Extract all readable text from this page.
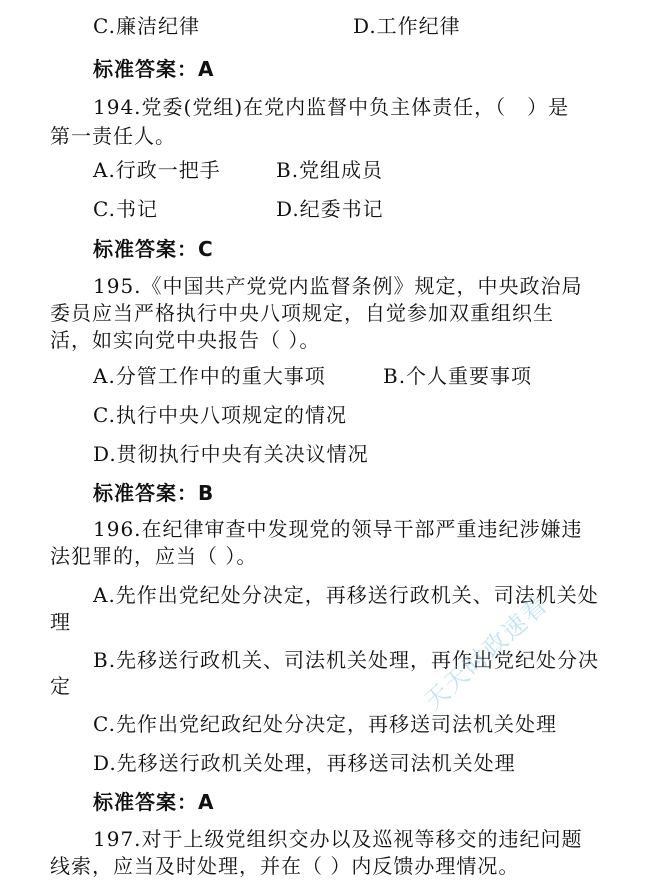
C.廉洁纪律	D.工作纪律
标准答案：A
194.党委(党组)在党内监督中负主体责任，（　）是
第一责任人。
A.行政一把手	B.党组成员
C.书记	D.纪委书记
标准答案：C
195.《中国共产党党内监督条例》规定，中央政治局
委员应当严格执行中央八项规定，自觉参加双重组织生
活，如实向党中央报告（ ）。
A.分管工作中的重大事项	B.个人重要事项
C.执行中央八项规定的情况
D.贯彻执行中央有关决议情况
标准答案：B
196.在纪律审查中发现党的领导干部严重违纪涉嫌违
法犯罪的，应当（ ）。
A.先作出党纪处分决定，再移送行政机关、司法机关处
理
B.先移送行政机关、司法机关处理，再作出党纪处分决
定
C.先作出党纪政纪处分决定，再移送司法机关处理
D.先移送行政机关处理，再移送司法机关处理
标准答案：A
197.对于上级党组织交办以及巡视等移交的违纪问题
线索，应当及时处理，并在（ ）内反馈办理情况。
天天时政速看
